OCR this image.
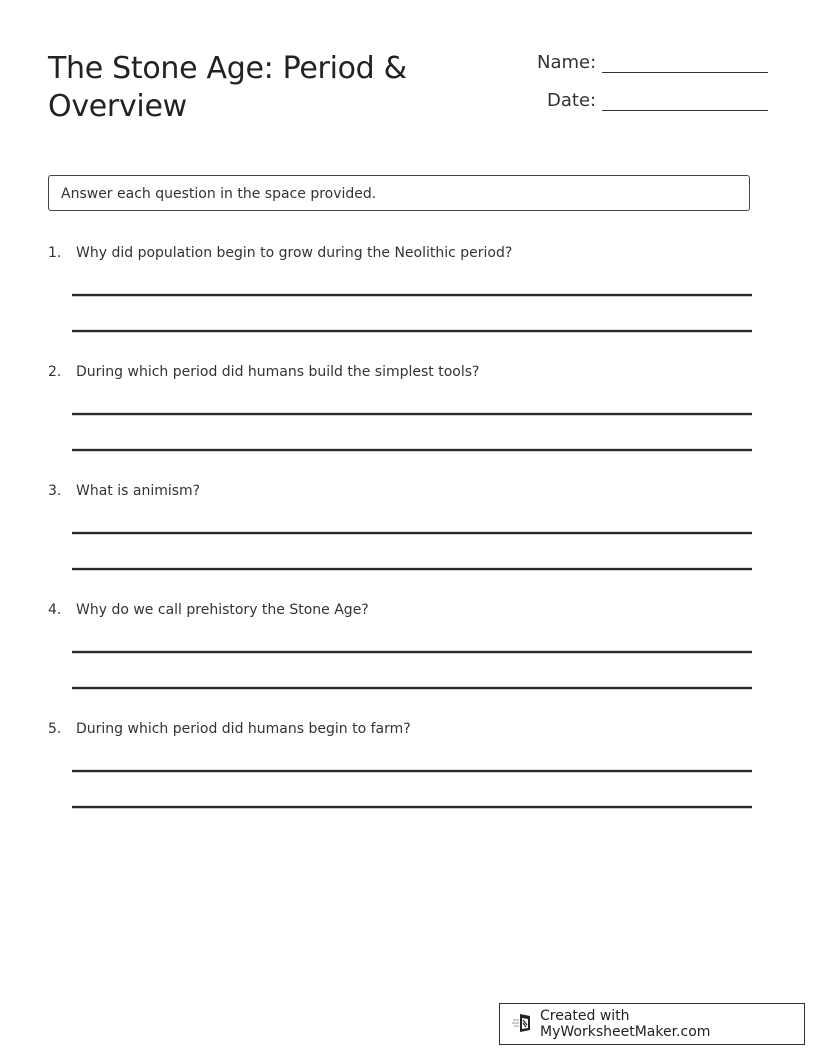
The Stone Age: Period & Overview
Name:
Date:
Answer each question in the space provided.
1. Why did population begin to grow during the Neolithic period?
2. During which period did humans build the simplest tools?
3. What is animism?
4. Why do we call prehistory the Stone Age?
5. During which period did humans begin to farm?
Created with MyWorksheetMaker.com
